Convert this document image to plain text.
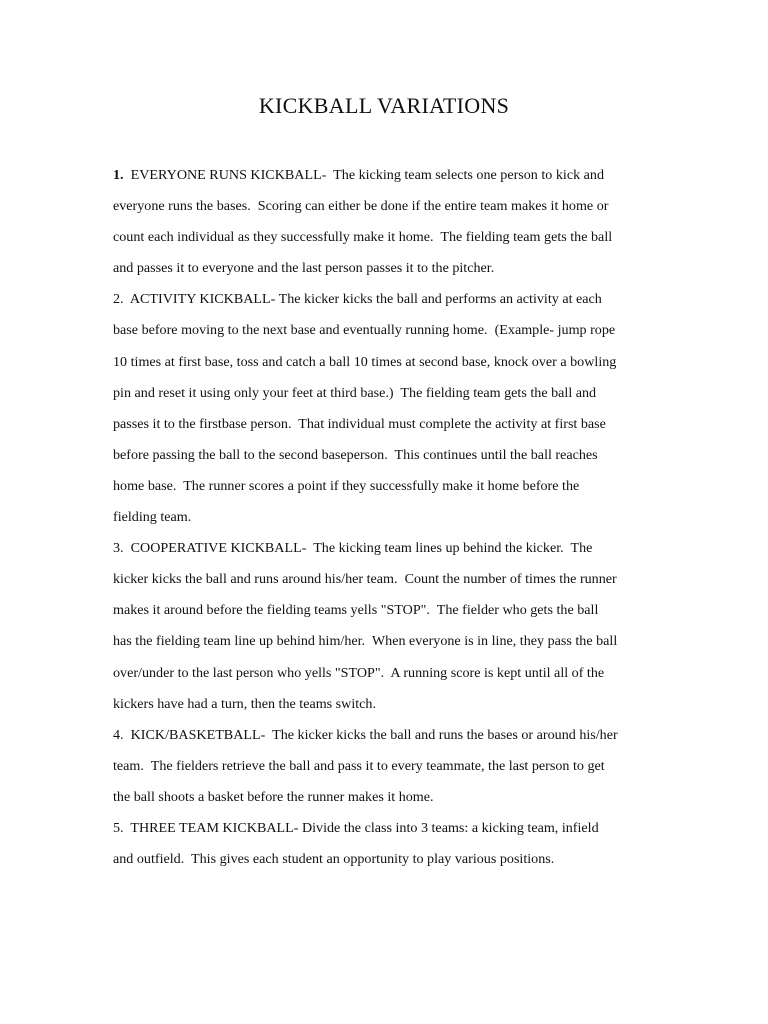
KICKBALL VARIATIONS
1.  EVERYONE RUNS KICKBALL-  The kicking team selects one person to kick and
everyone runs the bases.  Scoring can either be done if the entire team makes it home or
count each individual as they successfully make it home.  The fielding team gets the ball
and passes it to everyone and the last person passes it to the pitcher.
2.  ACTIVITY KICKBALL- The kicker kicks the ball and performs an activity at each
base before moving to the next base and eventually running home.  (Example- jump rope
10 times at first base, toss and catch a ball 10 times at second base, knock over a bowling
pin and reset it using only your feet at third base.)  The fielding team gets the ball and
passes it to the firstbase person.  That individual must complete the activity at first base
before passing the ball to the second baseperson.  This continues until the ball reaches
home base.  The runner scores a point if they successfully make it home before the
fielding team.
3.  COOPERATIVE KICKBALL-  The kicking team lines up behind the kicker.  The
kicker kicks the ball and runs around his/her team.  Count the number of times the runner
makes it around before the fielding teams yells "STOP".  The fielder who gets the ball
has the fielding team line up behind him/her.  When everyone is in line, they pass the ball
over/under to the last person who yells "STOP".  A running score is kept until all of the
kickers have had a turn, then the teams switch.
4.  KICK/BASKETBALL-  The kicker kicks the ball and runs the bases or around his/her
team.  The fielders retrieve the ball and pass it to every teammate, the last person to get
the ball shoots a basket before the runner makes it home.
5.  THREE TEAM KICKBALL- Divide the class into 3 teams: a kicking team, infield
and outfield.  This gives each student an opportunity to play various positions.
